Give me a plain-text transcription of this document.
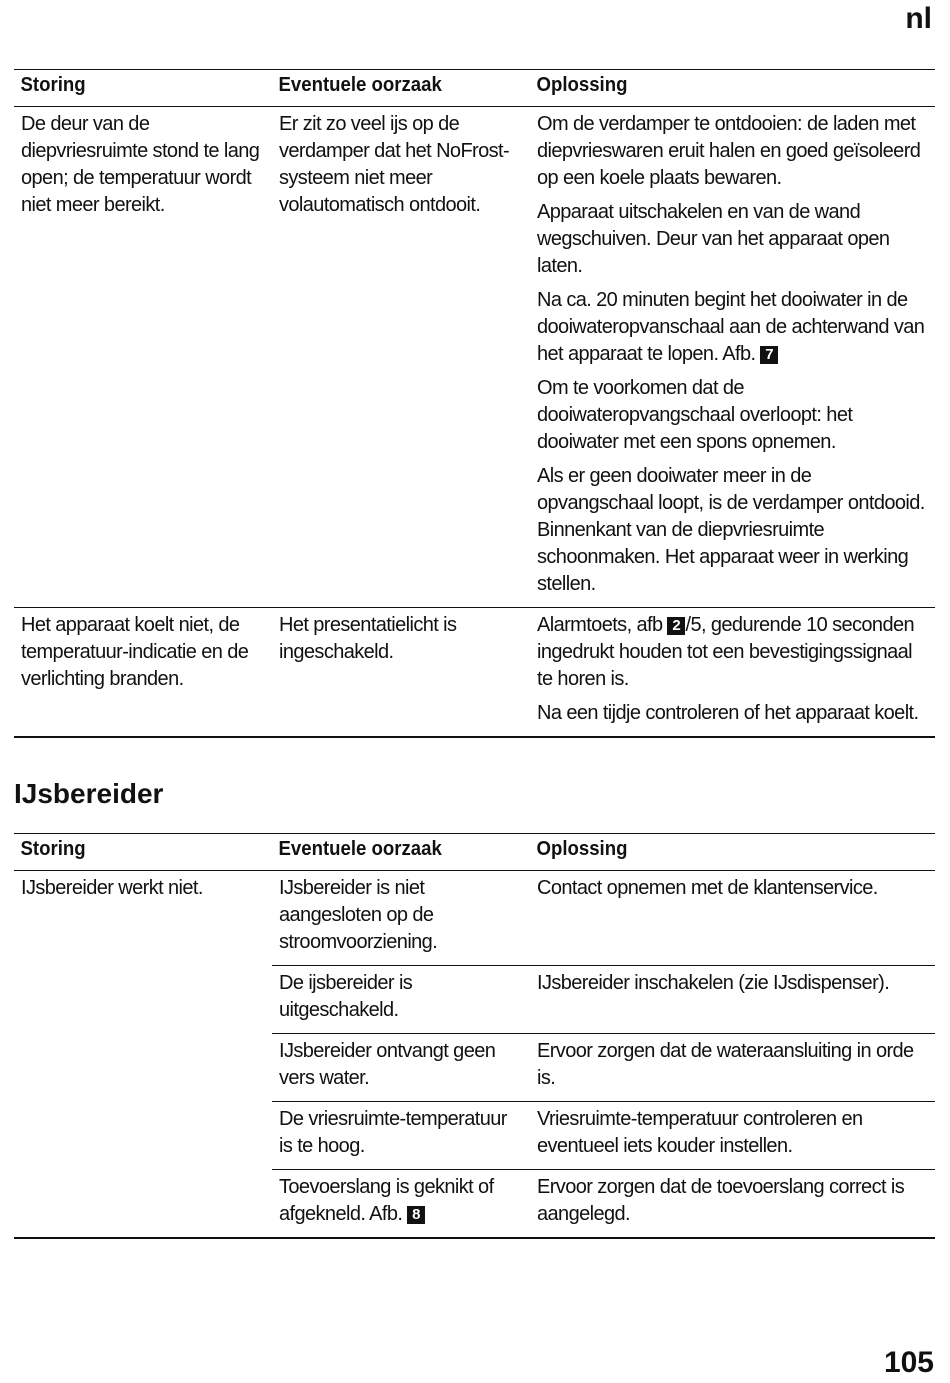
nl
Storing	Eventuele oorzaak	Oplossing
De deur van de diepvriesruimte stond te lang open; de temperatuur wordt niet meer bereikt.	Er zit zo veel ijs op de verdamper dat het NoFrost-systeem niet meer volautomatisch ontdooit.	Om de verdamper te ontdooien: de laden met diepvrieswaren eruit halen en goed geïsoleerd op een koele plaats bewaren.

Apparaat uitschakelen en van de wand wegschuiven. Deur van het apparaat open laten.

Na ca. 20 minuten begint het dooiwater in de dooiwateropvanschaal aan de achterwand van het apparaat te lopen. Afb. 7

Om te voorkomen dat de dooiwateropvangschaal overloopt: het dooiwater met een spons opnemen.

Als er geen dooiwater meer in de opvangschaal loopt, is de verdamper ontdooid. Binnenkant van de diepvriesruimte schoonmaken. Het apparaat weer in werking stellen.

Het apparaat koelt niet, de temperatuur-indicatie en de verlichting branden.	Het presentatielicht is ingeschakeld.	Alarmtoets, afb 2 /5, gedurende 10 seconden ingedrukt houden tot een bevestigingssignaal te horen is.

Na een tijdje controleren of het apparaat koelt.

IJsbereider
Storing	Eventuele oorzaak	Oplossing
IJsbereider werkt niet.	IJsbereider is niet aangesloten op de stroomvoorziening.	Contact opnemen met de klantenservice.
	De ijsbereider is uitgeschakeld.	IJsbereider inschakelen (zie IJsdispenser).
	IJsbereider ontvangt geen vers water.	Ervoor zorgen dat de wateraansluiting in orde is.
	De vriesruimte-temperatuur is te hoog.	Vriesruimte-temperatuur controleren en eventueel iets kouder instellen.
	Toevoerslang is geknikt of afgekneld. Afb. 8	Ervoor zorgen dat de toevoerslang correct is aangelegd.
105
